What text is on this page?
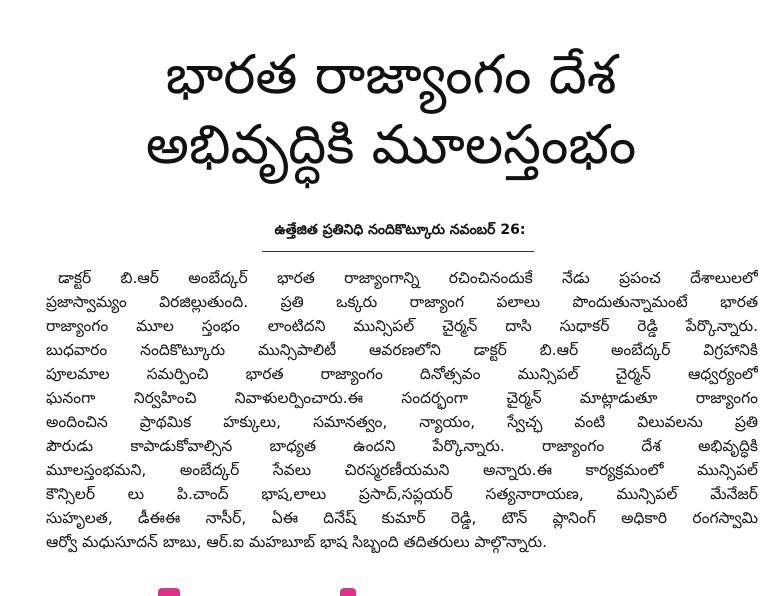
భారత రాజ్యాంగం దేశ
అభివృద్ధికి మూలస్తంభం
ఉత్తేజిత ప్రతినిధి నందికొట్కూరు నవంబర్ 26:
డాక్టర్ బి.ఆర్ అంబేద్కర్ భారత రాజ్యాంగాన్ని రచించినందుకే నేడు ప్రపంచ దేశాలులలో
ప్రజాస్వామ్యం విరజిల్లుతుంది. ప్రతి ఒక్కరు రాజ్యాంగ పలాలు పొందుతున్నామంటే భారత
రాజ్యాంగం మూల స్తంభం లాంటిదని మున్సిపల్ చైర్మన్ దాసి సుధాకర్ రెడ్డి పేర్కొన్నారు.
బుధవారం నందికొట్కూరు మున్సిపాలిటీ ఆవరణలోని డాక్టర్ బి.ఆర్ అంబేద్కర్ విగ్రహానికి
పూలమాల సమర్పించి భారత రాజ్యాంగం దినోత్సవం మున్సిపల్ చైర్మన్ ఆధ్వర్యంలో
ఘనంగా నిర్వహించి నివాళులర్పించారు.ఈ సందర్భంగా చైర్మన్ మాట్లాడుతూ రాజ్యాంగం
అందించిన ప్రాథమిక హక్కులు, సమానత్వం, న్యాయం, స్వేచ్ఛ వంటి విలువలను ప్రతి
పౌరుడు కాపాడుకోవాల్సిన బాధ్యత ఉందని పేర్కొన్నారు. రాజ్యాంగం దేశ అభివృద్ధికి
మూలస్తంభమని, అంబేద్కర్ సేవలు చిరస్మరణీయమని అన్నారు.ఈ కార్యక్రమంలో మున్సిపల్
కౌన్సిలర్ లు పి.చాంద్ భాష,లాలు ప్రసాద్,సప్లయర్ సత్యనారాయణ, మున్సిపల్ మేనేజర్
సుహృలత, డీఈఈ నాసీర్, ఏఈ దినేష్ కుమార్ రెడ్డి, టౌన్ ప్లానింగ్ అధికారి రంగస్వామి
ఆర్వో మధుసూదన్ బాబు, ఆర్.ఐ మహబూబ్ భాష సిబ్బంది తదితరులు పాల్గొన్నారు.
